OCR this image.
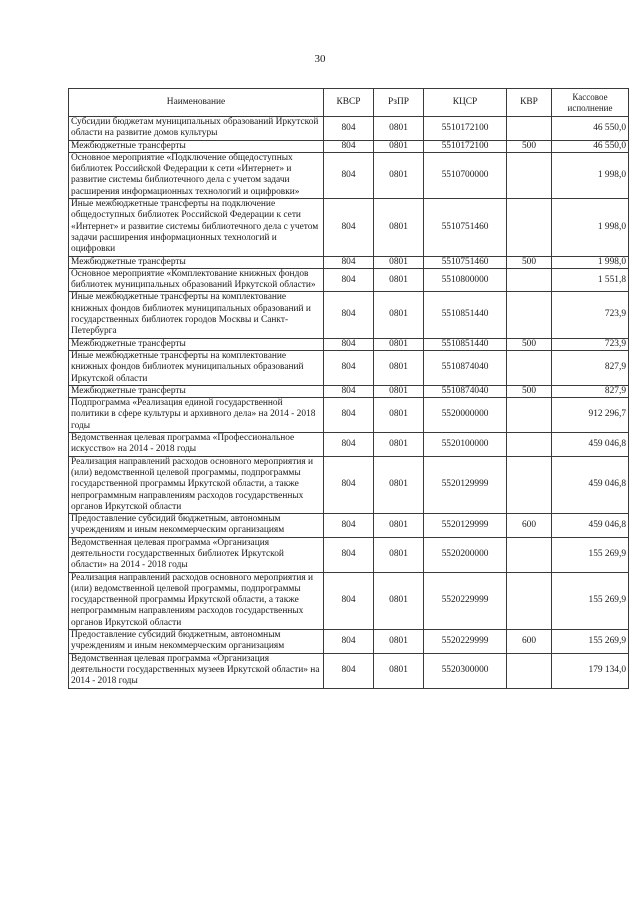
30
Наименование	КВСР	РзПР	КЦСР	КВР	Кассовое исполнение
Субсидии бюджетам муниципальных образований Иркутской области на развитие домов культуры	804	0801	5510172100		46 550,0
Межбюджетные трансферты	804	0801	5510172100	500	46 550,0
Основное мероприятие «Подключение общедоступных библиотек Российской Федерации к сети «Интернет» и развитие системы библиотечного дела с учетом задачи расширения информационных технологий и оцифровки»	804	0801	5510700000		1 998,0
Иные межбюджетные трансферты на подключение общедоступных библиотек Российской Федерации к сети «Интернет» и развитие системы библиотечного дела с учетом задачи расширения информационных технологий и оцифровки	804	0801	5510751460		1 998,0
Межбюджетные трансферты	804	0801	5510751460	500	1 998,0
Основное мероприятие «Комплектование книжных фондов библиотек муниципальных образований Иркутской области»	804	0801	5510800000		1 551,8
Иные межбюджетные трансферты на комплектование книжных фондов библиотек муниципальных образований и государственных библиотек городов Москвы и Санкт-Петербурга	804	0801	5510851440		723,9
Межбюджетные трансферты	804	0801	5510851440	500	723,9
Иные межбюджетные трансферты на комплектование книжных фондов библиотек муниципальных образований Иркутской области	804	0801	5510874040		827,9
Межбюджетные трансферты	804	0801	5510874040	500	827,9
Подпрограмма «Реализация единой государственной политики в сфере культуры и архивного дела» на 2014 - 2018 годы	804	0801	5520000000		912 296,7
Ведомственная целевая программа «Профессиональное искусство» на 2014 - 2018 годы	804	0801	5520100000		459 046,8
Реализация направлений расходов основного мероприятия и (или) ведомственной целевой программы, подпрограммы государственной программы Иркутской области, а также непрограммным направлениям расходов государственных органов Иркутской области	804	0801	5520129999		459 046,8
Предоставление субсидий бюджетным, автономным учреждениям и иным некоммерческим организациям	804	0801	5520129999	600	459 046,8
Ведомственная целевая программа «Организация деятельности государственных библиотек Иркутской области» на 2014 - 2018 годы	804	0801	5520200000		155 269,9
Реализация направлений расходов основного мероприятия и (или) ведомственной целевой программы, подпрограммы государственной программы Иркутской области, а также непрограммным направлениям расходов государственных органов Иркутской области	804	0801	5520229999		155 269,9
Предоставление субсидий бюджетным, автономным учреждениям и иным некоммерческим организациям	804	0801	5520229999	600	155 269,9
Ведомственная целевая программа «Организация деятельности государственных музеев Иркутской области» на 2014 - 2018 годы	804	0801	5520300000		179 134,0
